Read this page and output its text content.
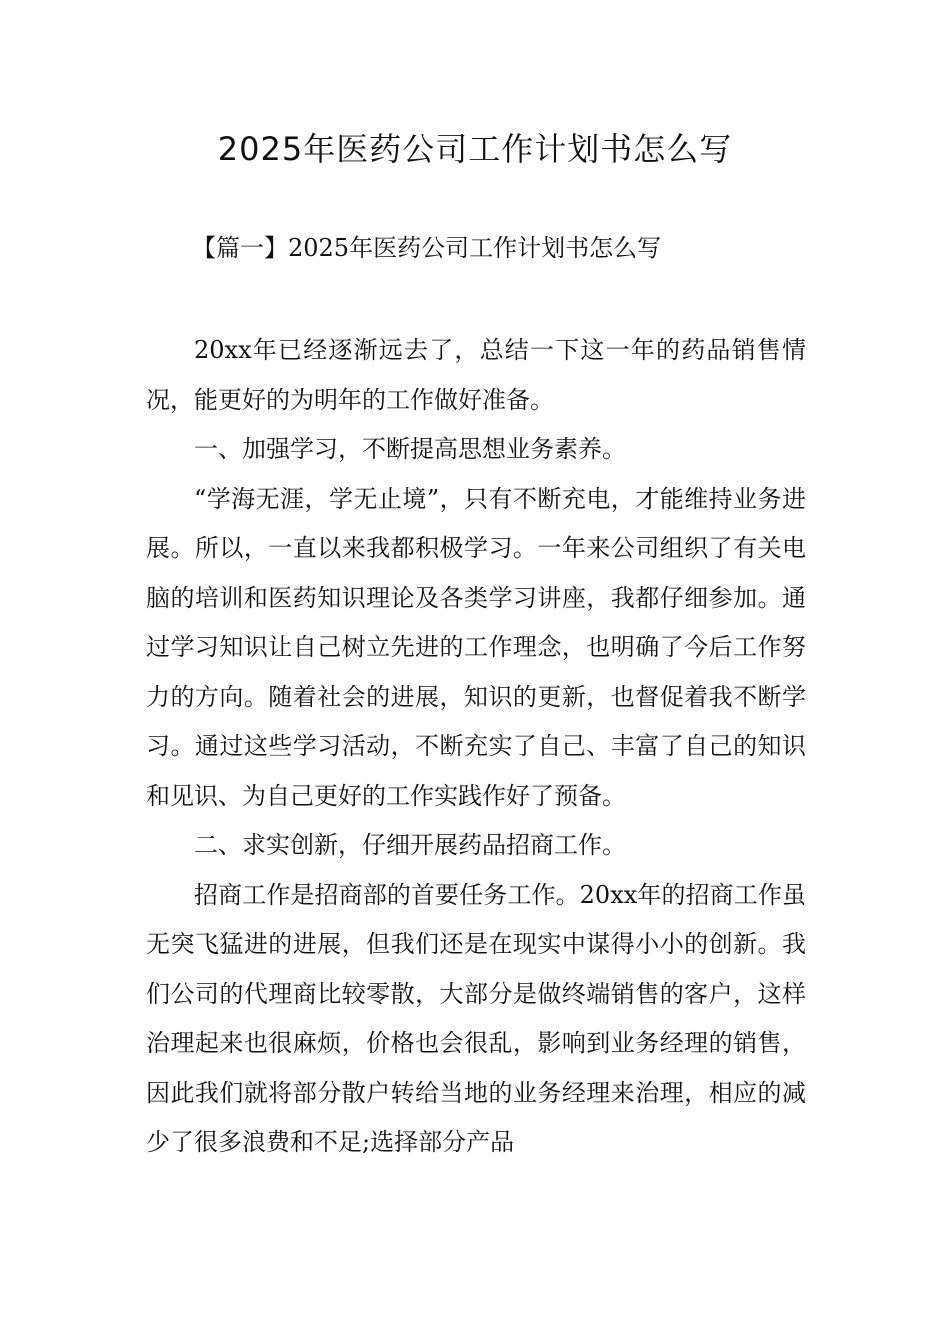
2025年医药公司工作计划书怎么写
【篇一】2025年医药公司工作计划书怎么写

20xx年已经逐渐远去了，总结一下这一年的药品销售情况，能更好的为明年的工作做好准备。

一、加强学习，不断提高思想业务素养。

“学海无涯，学无止境”，只有不断充电，才能维持业务进展。所以，一直以来我都积极学习。一年来公司组织了有关电脑的培训和医药知识理论及各类学习讲座，我都仔细参加。通过学习知识让自己树立先进的工作理念，也明确了今后工作努力的方向。随着社会的进展，知识的更新，也督促着我不断学习。通过这些学习活动，不断充实了自己、丰富了自己的知识和见识、为自己更好的工作实践作好了预备。

二、求实创新，仔细开展药品招商工作。

招商工作是招商部的首要任务工作。20xx年的招商工作虽无突飞猛进的进展，但我们还是在现实中谋得小小的创新。我们公司的代理商比较零散，大部分是做终端销售的客户，这样治理起来也很麻烦，价格也会很乱，影响到业务经理的销售，因此我们就将部分散户转给当地的业务经理来治理，相应的减少了很多浪费和不足;选择部分产品
